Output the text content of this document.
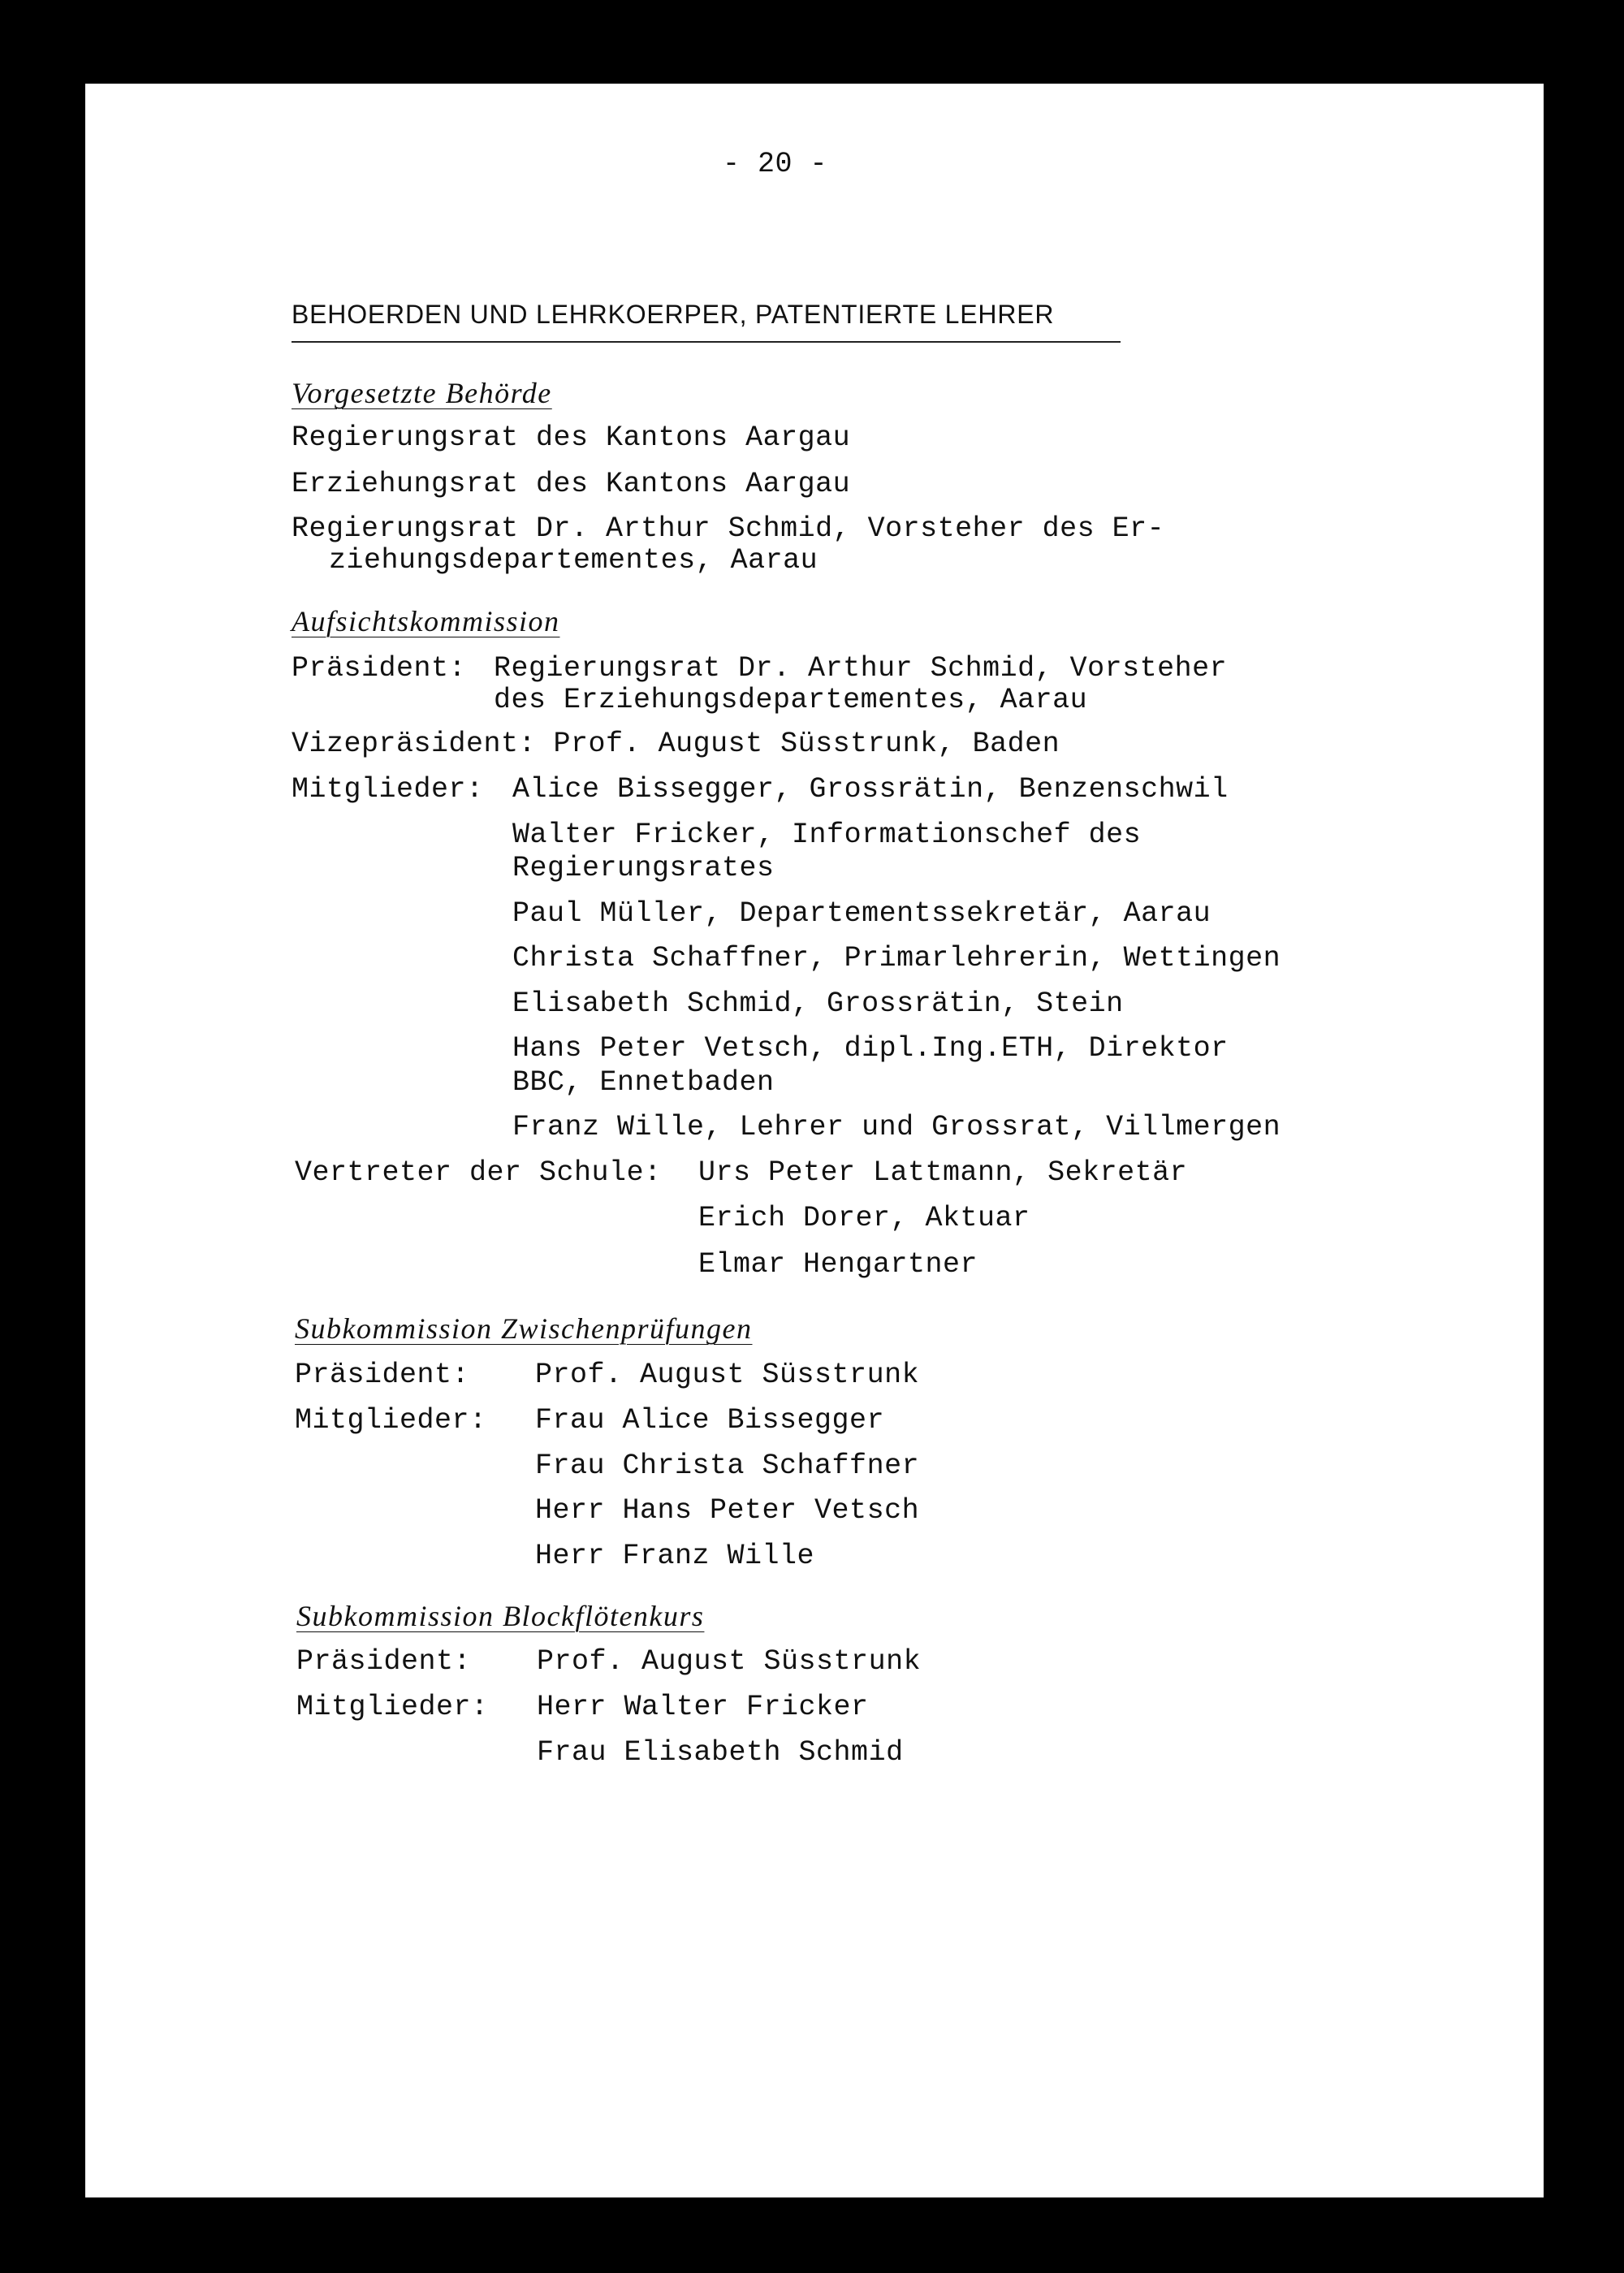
- 20 -
BEHOERDEN UND LEHRKOERPER, PATENTIERTE LEHRER
Vorgesetzte Behörde
Regierungsrat des Kantons Aargau
Erziehungsrat des Kantons Aargau
Regierungsrat Dr. Arthur Schmid, Vorsteher des Er-
ziehungsdepartementes, Aarau
Aufsichtskommission
Präsident: Regierungsrat Dr. Arthur Schmid, Vorsteher
des Erziehungsdepartementes, Aarau
Vizepräsident: Prof. August Süsstrunk, Baden
Mitglieder: Alice Bissegger, Grossrätin, Benzenschwil
Walter Fricker, Informationschef des
Regierungsrates
Paul Müller, Departementssekretär, Aarau
Christa Schaffner, Primarlehrerin, Wettingen
Elisabeth Schmid, Grossrätin, Stein
Hans Peter Vetsch, dipl.Ing.ETH, Direktor
BBC, Ennetbaden
Franz Wille, Lehrer und Grossrat, Villmergen
Vertreter der Schule: Urs Peter Lattmann, Sekretär
Erich Dorer, Aktuar
Elmar Hengartner
Subkommission Zwischenprüfungen
Präsident: Prof. August Süsstrunk
Mitglieder: Frau Alice Bissegger
Frau Christa Schaffner
Herr Hans Peter Vetsch
Herr Franz Wille
Subkommission Blockflötenkurs
Präsident: Prof. August Süsstrunk
Mitglieder: Herr Walter Fricker
Frau Elisabeth Schmid
